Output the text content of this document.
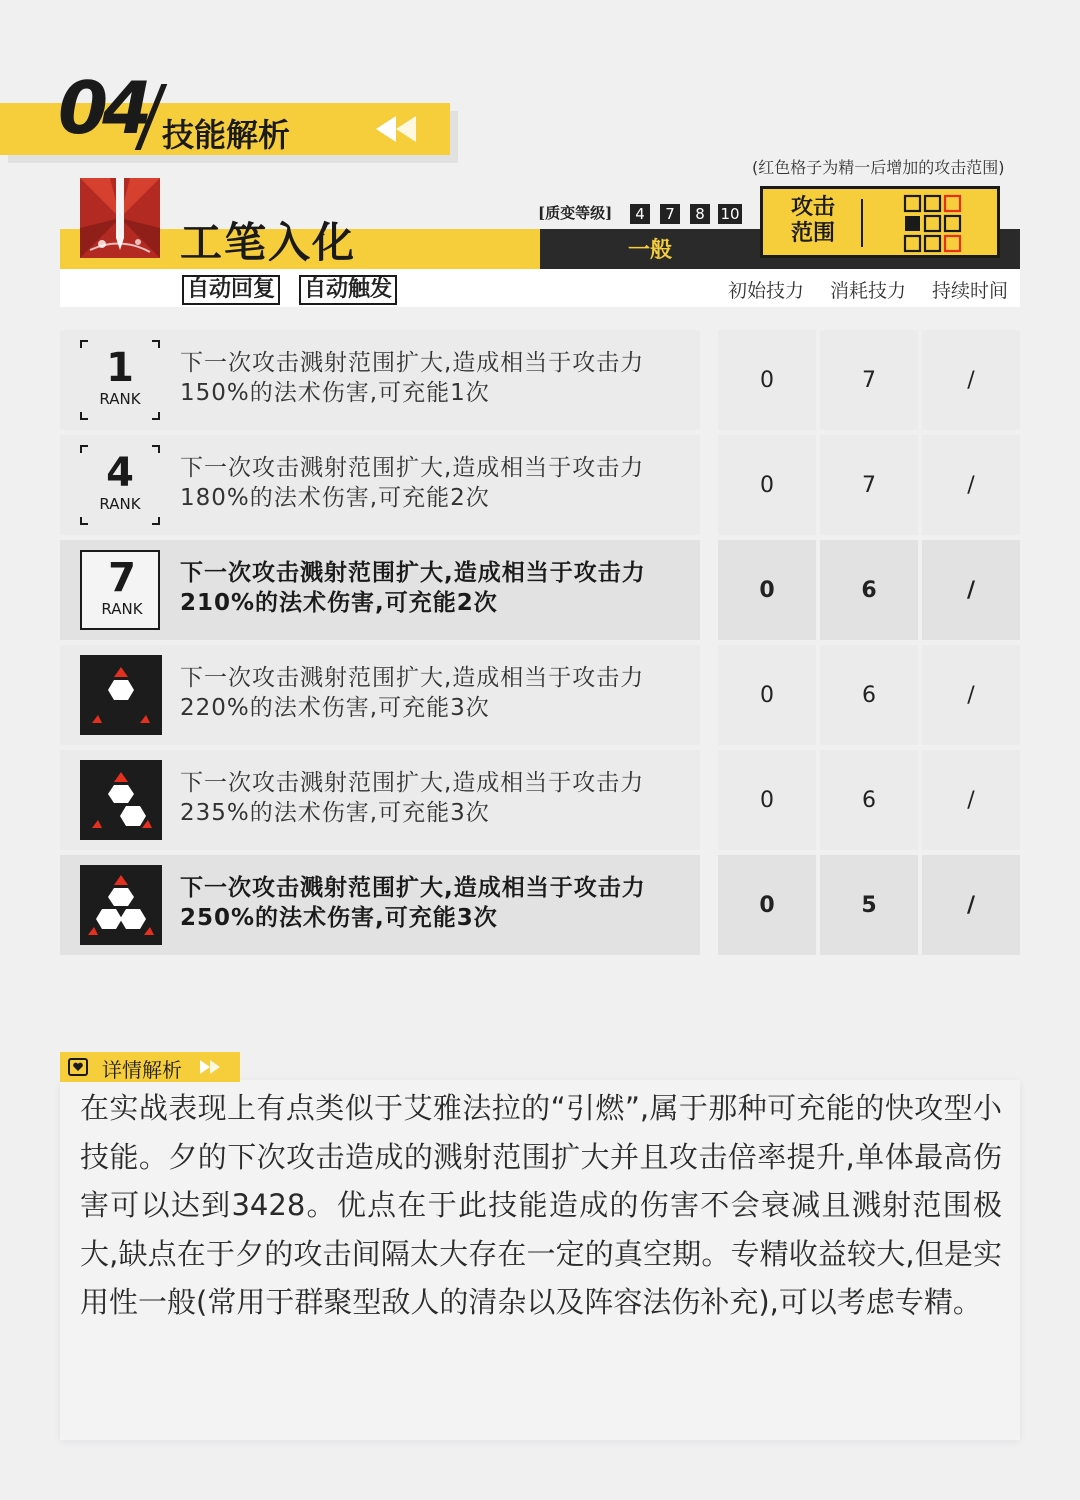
04 技能解析
(红色格子为精一后增加的攻击范围)
工笔入化
自动回复 自动触发
[质变等级]	4	7	8	10
一般
攻击范围
初始技力 消耗技力 持续时间
1
RANK
下一次攻击溅射范围扩大,造成相当于攻击力
150%的法术伤害,可充能1次	0	7	/
4
RANK
下一次攻击溅射范围扩大,造成相当于攻击力
180%的法术伤害,可充能2次	0	7	/
7
RANK
下一次攻击溅射范围扩大,造成相当于攻击力
210%的法术伤害,可充能2次	0	6	/
下一次攻击溅射范围扩大,造成相当于攻击力
220%的法术伤害,可充能3次	0	6	/
下一次攻击溅射范围扩大,造成相当于攻击力
235%的法术伤害,可充能3次	0	6	/
下一次攻击溅射范围扩大,造成相当于攻击力
250%的法术伤害,可充能3次	0	5	/
详情解析
在实战表现上有点类似于艾雅法拉的“引燃”,属于那种可充能的快攻型小技能。夕的下次攻击造成的溅射范围扩大并且攻击倍率提升,单体最高伤害可以达到3428。优点在于此技能造成的伤害不会衰减且溅射范围极大,缺点在于夕的攻击间隔太大存在一定的真空期。专精收益较大,但是实用性一般(常用于群聚型敌人的清杂以及阵容法伤补充),可以考虑专精。
